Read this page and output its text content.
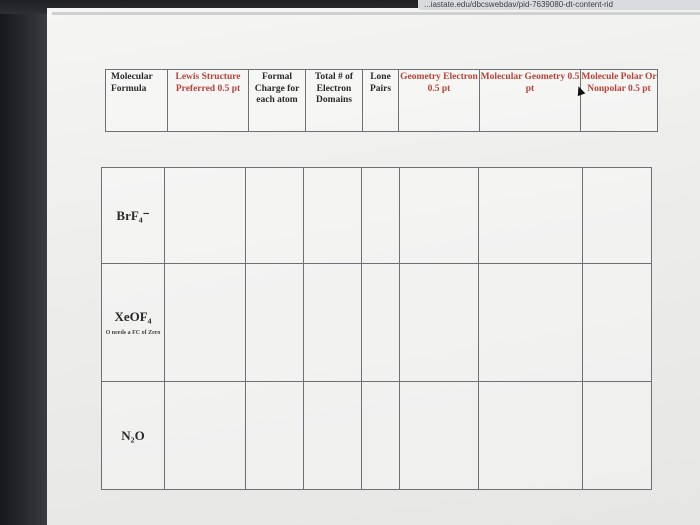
...iastate.edu/dbcswebdav/pid-7639080-dt-content-rid
Molecular Formula	Lewis Structure Preferred 0.5 pt	Formal Charge for each atom	Total # of Electron Domains	Lone Pairs	Geometry Electron 0.5 pt	Molecular Geometry 0.5 pt	Molecule Polar Or Nonpolar 0.5 pt
BrF₄⁻							
XeOF₄
O needs a FC of Zero							

N₂O							
